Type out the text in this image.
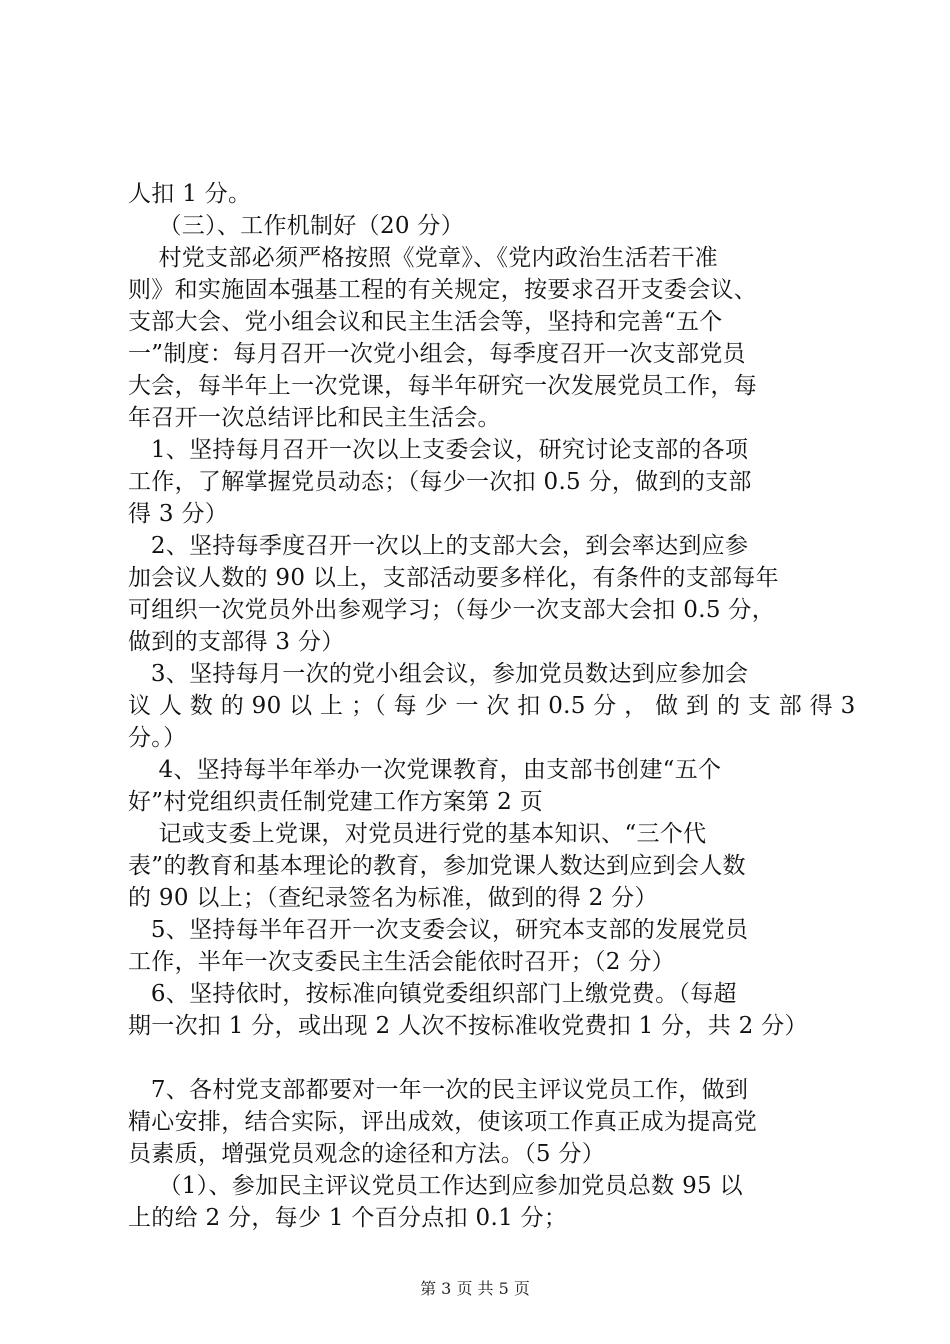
人扣 1 分。
（三）、工作机制好（20 分）
村党支部必须严格按照《党章》、《党内政治生活若干准
则》和实施固本强基工程的有关规定，按要求召开支委会议、
支部大会、党小组会议和民主生活会等，坚持和完善“五个
一”制度：每月召开一次党小组会，每季度召开一次支部党员
大会，每半年上一次党课，每半年研究一次发展党员工作，每
年召开一次总结评比和民主生活会。
1、坚持每月召开一次以上支委会议，研究讨论支部的各项
工作，了解掌握党员动态；（每少一次扣 0.5 分，做到的支部
得 3 分）
2、坚持每季度召开一次以上的支部大会，到会率达到应参
加会议人数的 90 以上，支部活动要多样化，有条件的支部每年
可组织一次党员外出参观学习；（每少一次支部大会扣 0.5 分，
做到的支部得 3 分）
3、坚持每月一次的党小组会议，参加党员数达到应参加会
议 人 数 的 90 以 上 ；（ 每 少 一 次 扣 0.5 分 ， 做 到 的 支 部 得 3
分。）
4、坚持每半年举办一次党课教育，由支部书创建“五个
好”村党组织责任制党建工作方案第 2 页
记或支委上党课，对党员进行党的基本知识、“三个代
表”的教育和基本理论的教育，参加党课人数达到应到会人数
的 90 以上；（查纪录签名为标准，做到的得 2 分）
5、坚持每半年召开一次支委会议，研究本支部的发展党员
工作，半年一次支委民主生活会能依时召开；（2 分）
6、坚持依时，按标准向镇党委组织部门上缴党费。（每超
期一次扣 1 分，或出现 2 人次不按标准收党费扣 1 分，共 2 分）
7、各村党支部都要对一年一次的民主评议党员工作，做到
精心安排，结合实际，评出成效，使该项工作真正成为提高党
员素质，增强党员观念的途径和方法。（5 分）
（1）、参加民主评议党员工作达到应参加党员总数 95 以
上的给 2 分，每少 1 个百分点扣 0.1 分；
第 3 页 共 5 页
